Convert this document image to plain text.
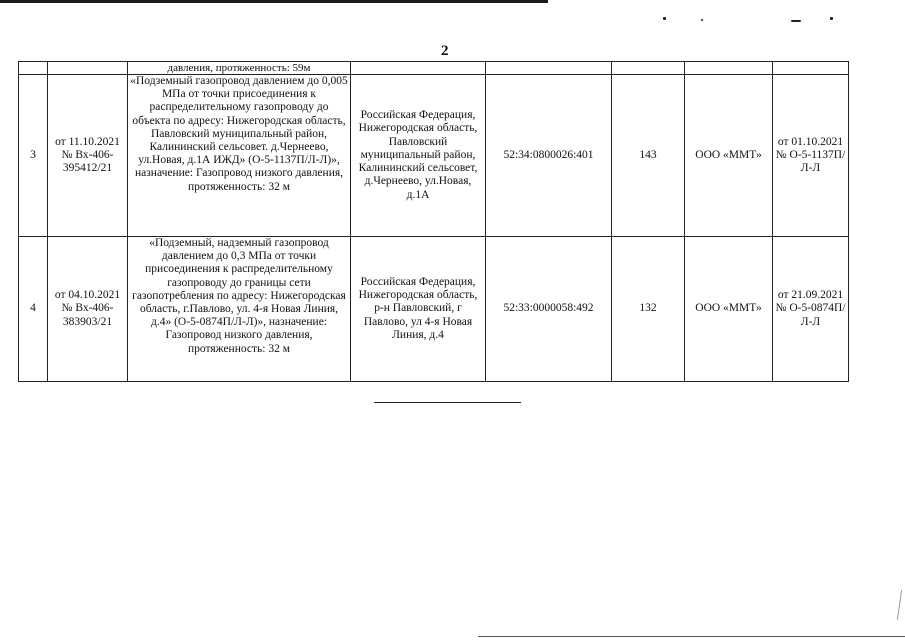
2
		давления, протяженность: 59м					
3	от 11.10.2021 № Вх-406-395412/21	«Подземный газопровод давлением до 0,005 МПа от точки присоединения к распределительному газопроводу до объекта по адресу: Нижегородская область, Павловский муниципальный район, Калининский сельсовет. д.Чернеево, ул.Новая, д.1А ИЖД» (О-5-1137П/Л-Л)», назначение: Газопровод низкого давления, протяженность: 32 м	Российская Федерация, Нижегородская область, Павловский муниципальный район, Калининский сельсовет, д.Чернеево, ул.Новая, д.1А	52:34:0800026:401	143	ООО «ММТ»	от 01.10.2021 № О-5-1137П/Л-Л
4	от 04.10.2021 № Вх-406-383903/21	«Подземный, надземный газопровод давлением до 0,3 МПа от точки присоединения к распределительному газопроводу до границы сети газопотребления по адресу: Нижегородская область, г.Павлово, ул. 4-я Новая Линия, д.4» (О-5-0874П/Л-Л)», назначение: Газопровод низкого давления, протяженность: 32 м	Российская Федерация, Нижегородская область, р-н Павловский, г Павлово, ул 4-я Новая Линия, д.4	52:33:0000058:492	132	ООО «ММТ»	от 21.09.2021 № О-5-0874П/Л-Л
